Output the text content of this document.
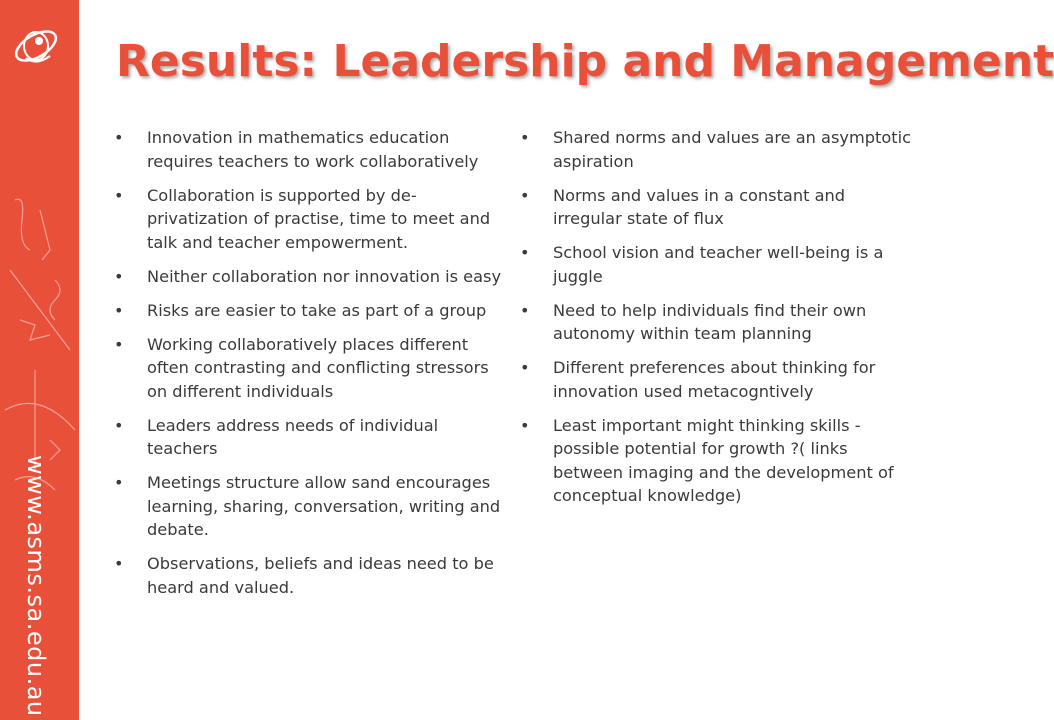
www.asms.sa.edu.au
Results: Leadership and Management
• Innovation in mathematics education requires teachers to work collaboratively
• Collaboration is supported by de-privatization of practise, time to meet and talk and teacher empowerment.
• Neither collaboration nor innovation is easy
• Risks are easier to take as part of a group
• Working collaboratively places different often contrasting and conflicting stressors on different individuals
• Leaders address needs of individual teachers
• Meetings structure allow sand encourages learning, sharing, conversation, writing and debate.
• Observations, beliefs and ideas need to be heard and valued.
• Shared norms and values are an asymptotic aspiration
• Norms and values in a constant and irregular state of flux
• School vision and teacher well-being is a juggle
• Need to help individuals find their own autonomy within team planning
• Different preferences about thinking for innovation used metacogntively
• Least important might thinking skills - possible potential for growth ?( links between imaging and the development of conceptual knowledge)
